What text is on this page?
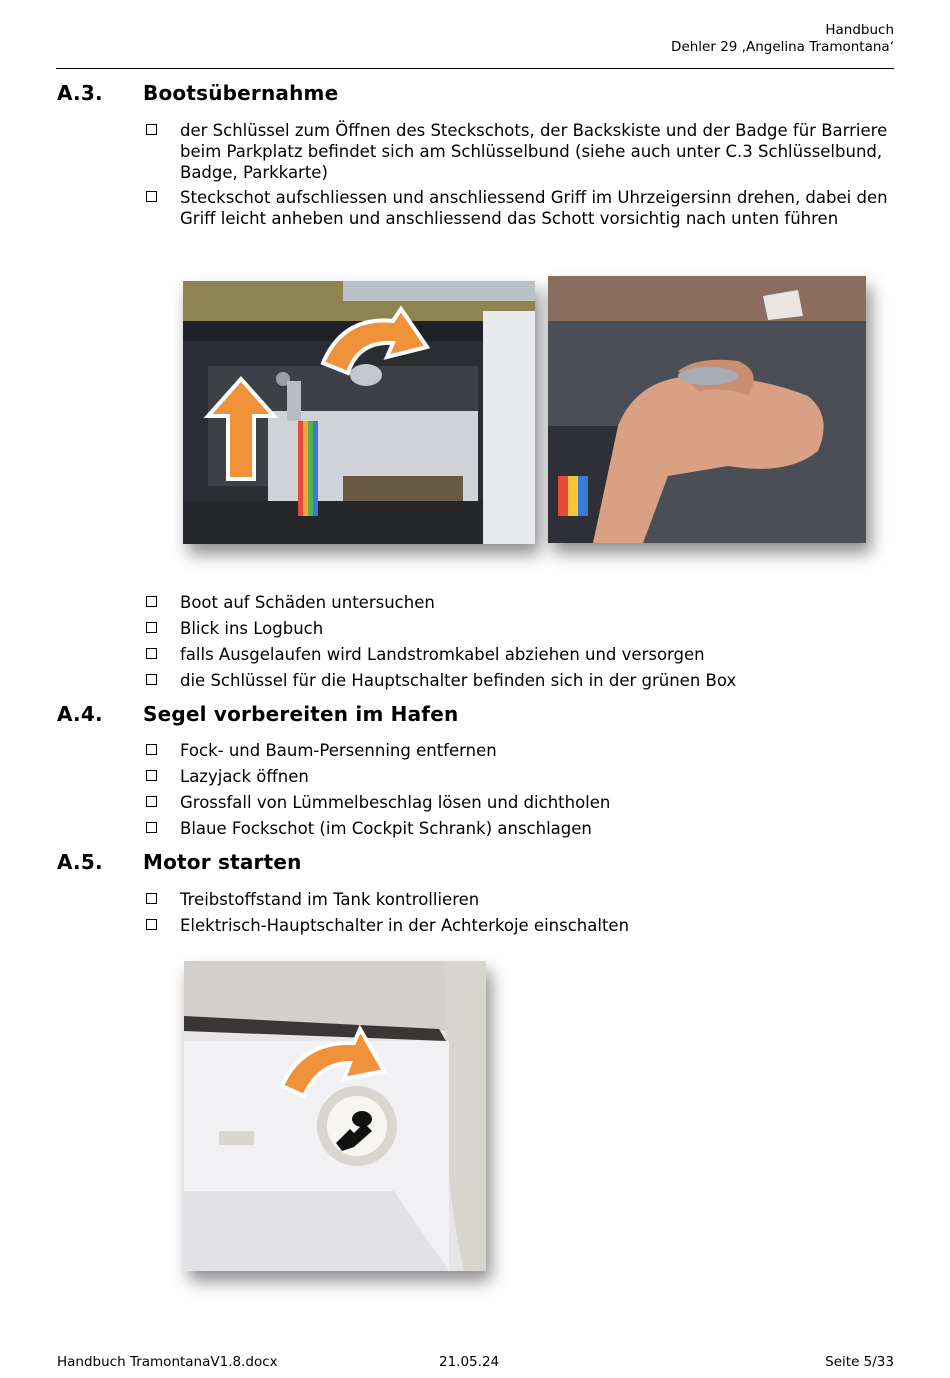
Handbuch
Dehler 29 ‚Angelina Tramontana‘
A.3. Bootsübernahme
der Schlüssel zum Öffnen des Steckschots, der Backskiste und der Badge für Barriere beim Parkplatz befindet sich am Schlüsselbund (siehe auch unter C.3 Schlüsselbund, Badge, Parkkarte)
Steckschot aufschliessen und anschliessend Griff im Uhrzeigersinn drehen, dabei den Griff leicht anheben und anschliessend das Schott vorsichtig nach unten führen
Boot auf Schäden untersuchen
Blick ins Logbuch
falls Ausgelaufen wird Landstromkabel abziehen und versorgen
die Schlüssel für die Hauptschalter befinden sich in der grünen Box
A.4. Segel vorbereiten im Hafen
Fock- und Baum-Persenning entfernen
Lazyjack öffnen
Grossfall von Lümmelbeschlag lösen und dichtholen
Blaue Fockschot (im Cockpit Schrank) anschlagen
A.5. Motor starten
Treibstoffstand im Tank kontrollieren
Elektrisch-Hauptschalter in der Achterkoje einschalten
Handbuch TramontanaV1.8.docx	21.05.24	Seite 5/33
